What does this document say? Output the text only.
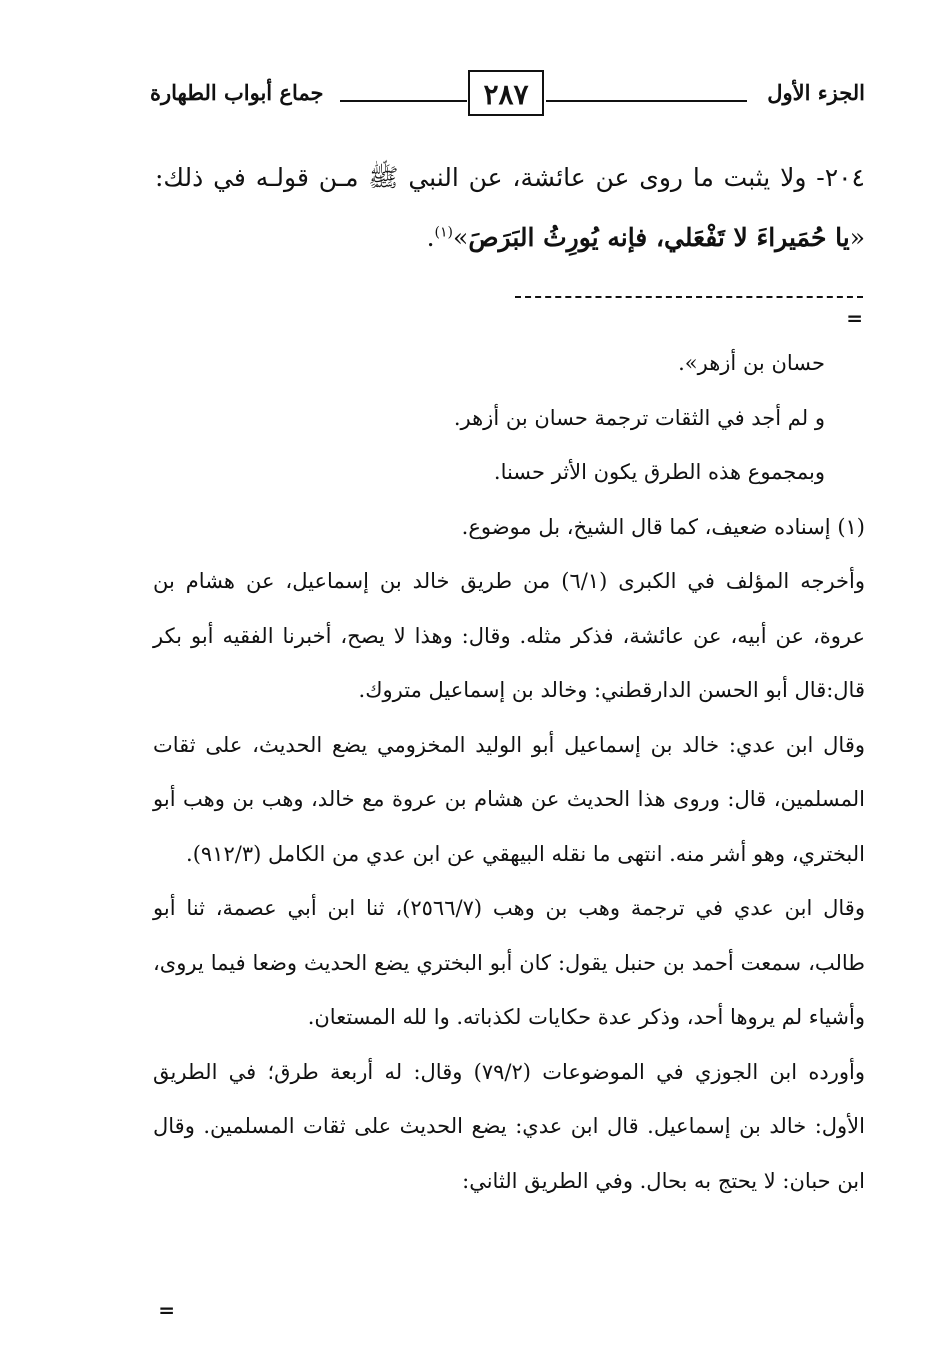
الجزء الأول
٢٨٧
جماع أبواب الطهارة
٢٠٤- ولا يثبت ما روى عن عائشة، عن النبي ﷺ مـن قولـه في ذلك: «يا حُمَيراءَ لا تَفْعَلي، فإنه يُورِثُ البَرَصَ»$^{(١)}$.
=

حسان بن أزهر».

و لم أجد في الثقات ترجمة حسان بن أزهر.

وبمجموع هذه الطرق يكون الأثر حسنا.

(١) إسناده ضعيف، كما قال الشيخ، بل موضوع.

وأخرجه المؤلف في الكبرى (٦/١) من طريق خالد بن إسماعيل، عن هشام بن عروة، عن أبيه، عن عائشة، فذكر مثله. وقال: وهذا لا يصح، أخبرنا الفقيه أبو بكر قال:قال أبو الحسن الدارقطني: وخالد بن إسماعيل متروك.

وقال ابن عدي: خالد بن إسماعيل أبو الوليد المخزومي يضع الحديث، على ثقات المسلمين، قال: وروى هذا الحديث عن هشام بن عروة مع خالد، وهب بن وهب أبو البختري، وهو أشر منه. انتهى ما نقله البيهقي عن ابن عدي من الكامل (٩١٢/٣).

وقال ابن عدي في ترجمة وهب بن وهب (٢٥٦٦/٧)، ثنا ابن أبي عصمة، ثنا أبو طالب، سمعت أحمد بن حنبل يقول: كان أبو البختري يضع الحديث وضعا فيما يروى، وأشياء لم يروها أحد، وذكر عدة حكايات لكذباته. وا لله المستعان.

وأورده ابن الجوزي في الموضوعات (٧٩/٢) وقال: له أربعة طرق؛ في الطريق الأول: خالد بن إسماعيل. قال ابن عدي: يضع الحديث على ثقات المسلمين. وقال ابن حبان: لا يحتج به بحال. وفي الطريق الثاني:

=
